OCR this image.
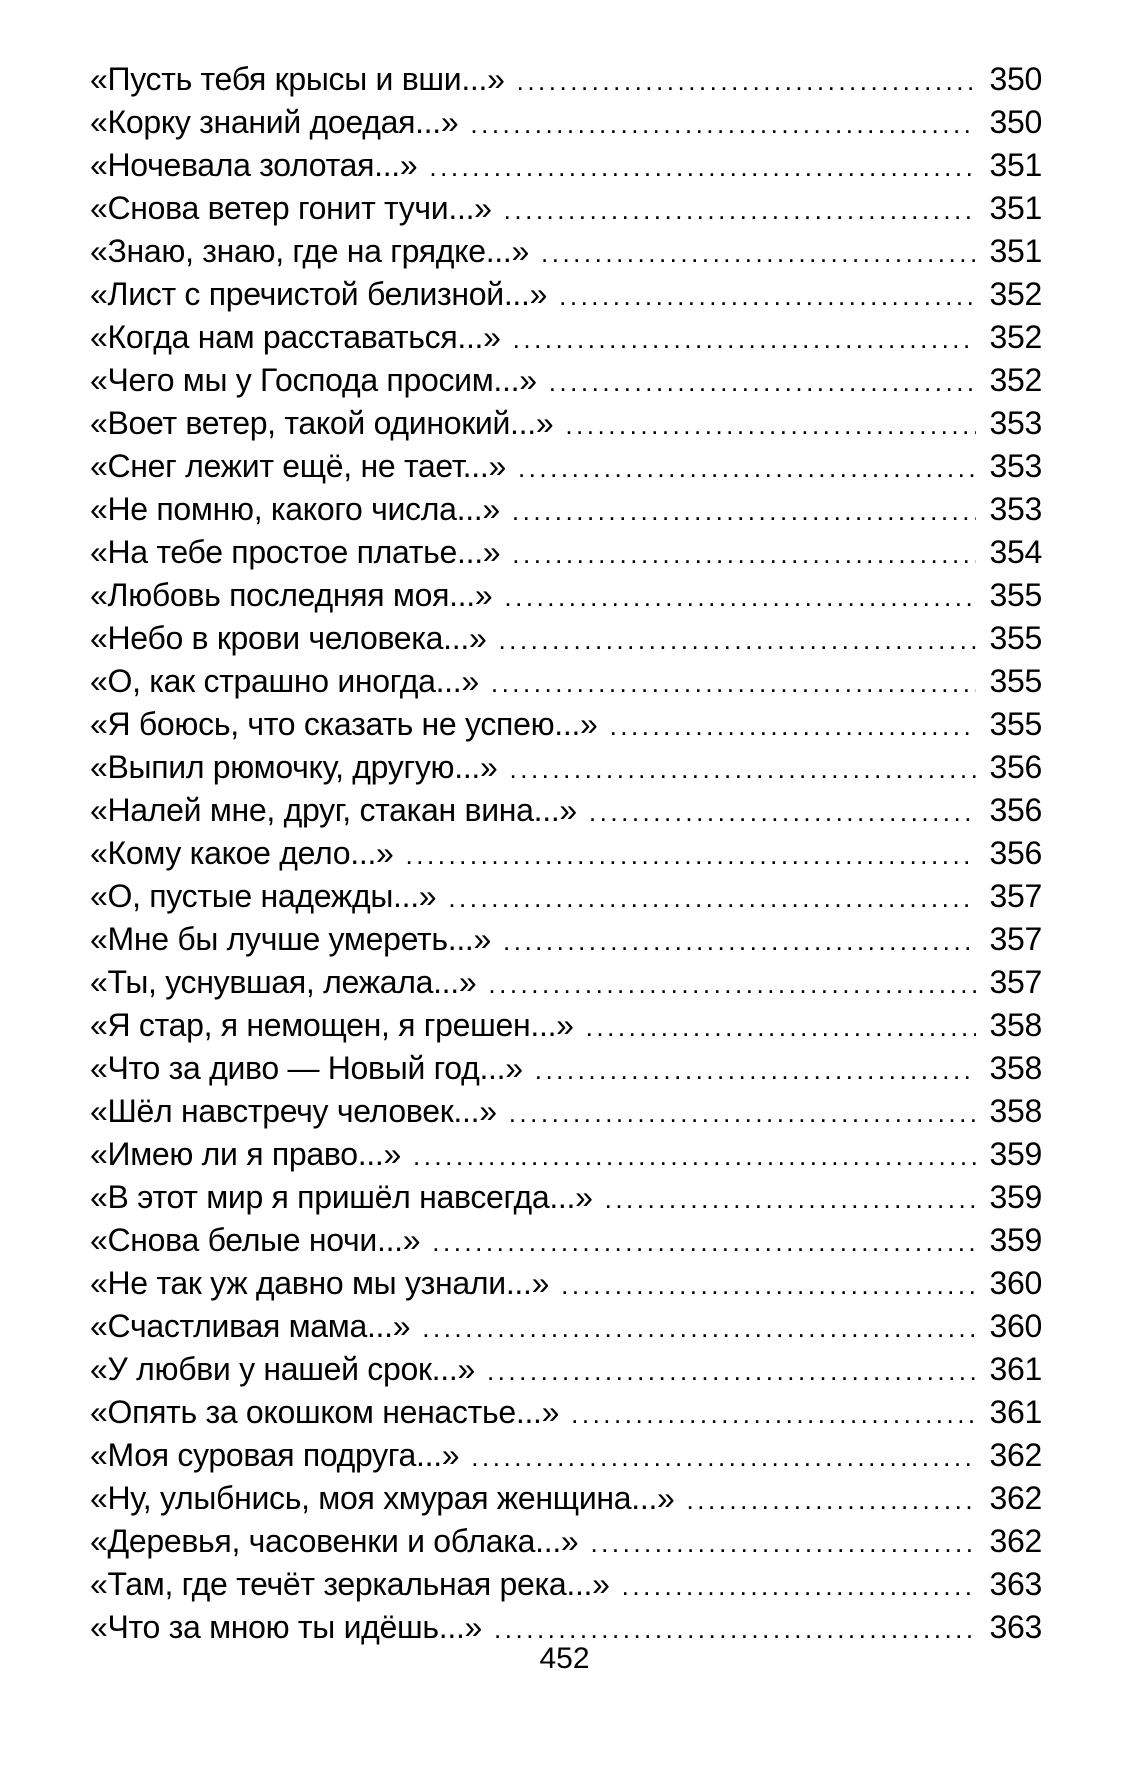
«Пусть тебя крысы и вши...» .....	350
«Корку знаний доедая...» .....	350
«Ночевала золотая...» .....	351
«Снова ветер гонит тучи...» .....	351
«Знаю, знаю, где на грядке...» .....	351
«Лист с пречистой белизной...» .....	352
«Когда нам расставаться...» .....	352
«Чего мы у Господа просим...» .....	352
«Воет ветер, такой одинокий...» .....	353
«Снег лежит ещё, не тает...» .....	353
«Не помню, какого числа...» .....	353
«На тебе простое платье...» .....	354
«Любовь последняя моя...» .....	355
«Небо в крови человека...» .....	355
«О, как страшно иногда...» .....	355
«Я боюсь, что сказать не успею...» .....	355
«Выпил рюмочку, другую...» .....	356
«Налей мне, друг, стакан вина...» .....	356
«Кому какое дело...» .....	356
«О, пустые надежды...» .....	357
«Мне бы лучше умереть...» .....	357
«Ты, уснувшая, лежала...» .....	357
«Я стар, я немощен, я грешен...» .....	358
«Что за диво — Новый год...» .....	358
«Шёл навстречу человек...» .....	358
«Имею ли я право...» .....	359
«В этот мир я пришёл навсегда...» .....	359
«Снова белые ночи...» .....	359
«Не так уж давно мы узнали...» .....	360
«Счастливая мама...» .....	360
«У любви у нашей срок...» .....	361
«Опять за окошком ненастье...» .....	361
«Моя суровая подруга...» .....	362
«Ну, улыбнись, моя хмурая женщина...» .....	362
«Деревья, часовенки и облака...» .....	362
«Там, где течёт зеркальная река...» .....	363
«Что за мною ты идёшь...» .....	363
452
